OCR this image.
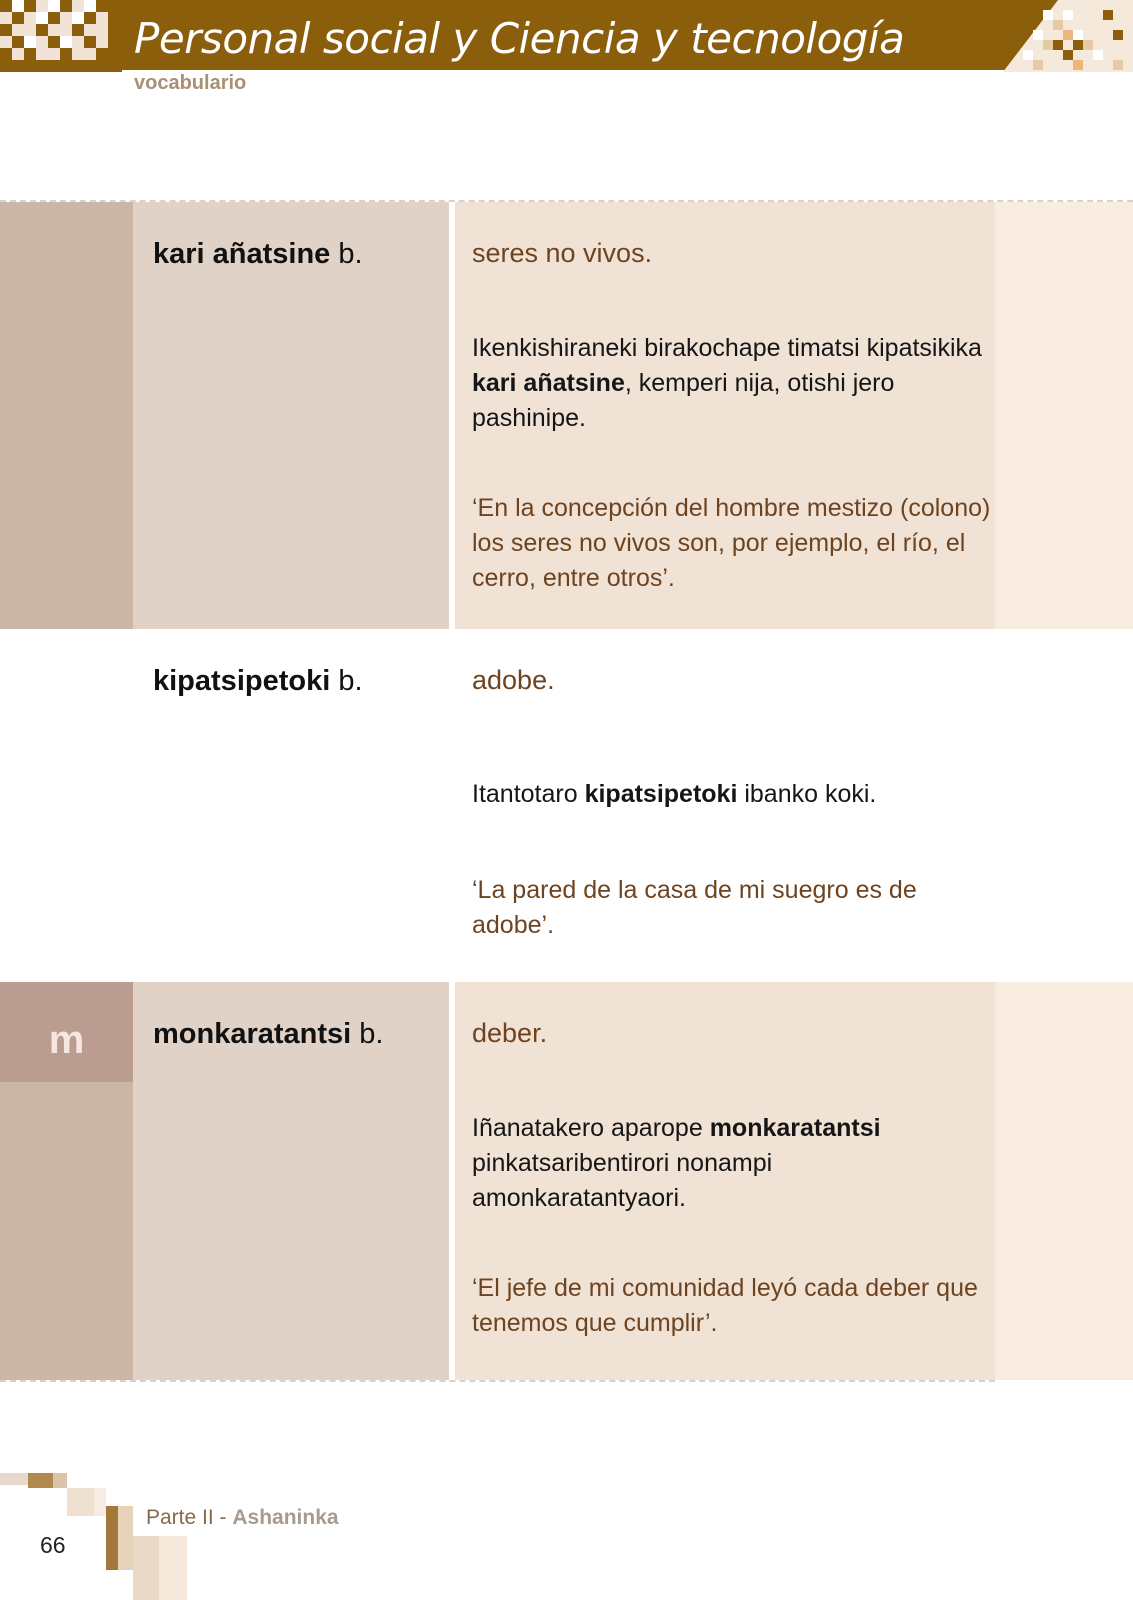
Personal social y Ciencia y tecnología
vocabulario
kari añatsine b.	seres no vivos.
Ikenkishiraneki birakochape timatsi kipatsikika kari añatsine, kemperi nija, otishi jero pashinipe.
‘En la concepción del hombre mestizo (colono) los seres no vivos son, por ejemplo, el río, el cerro, entre otros’.
kipatsipetoki b.	adobe.
Itantotaro kipatsipetoki ibanko koki.
‘La pared de la casa de mi suegro es de adobe’.
m	monkaratantsi b.	deber.
Iñanatakero aparope monkaratantsi pinkatsaribentirori nonampi amonkaratantyaori.
‘El jefe de mi comunidad leyó cada deber que tenemos que cumplir’.
66
Parte II - Ashaninka
